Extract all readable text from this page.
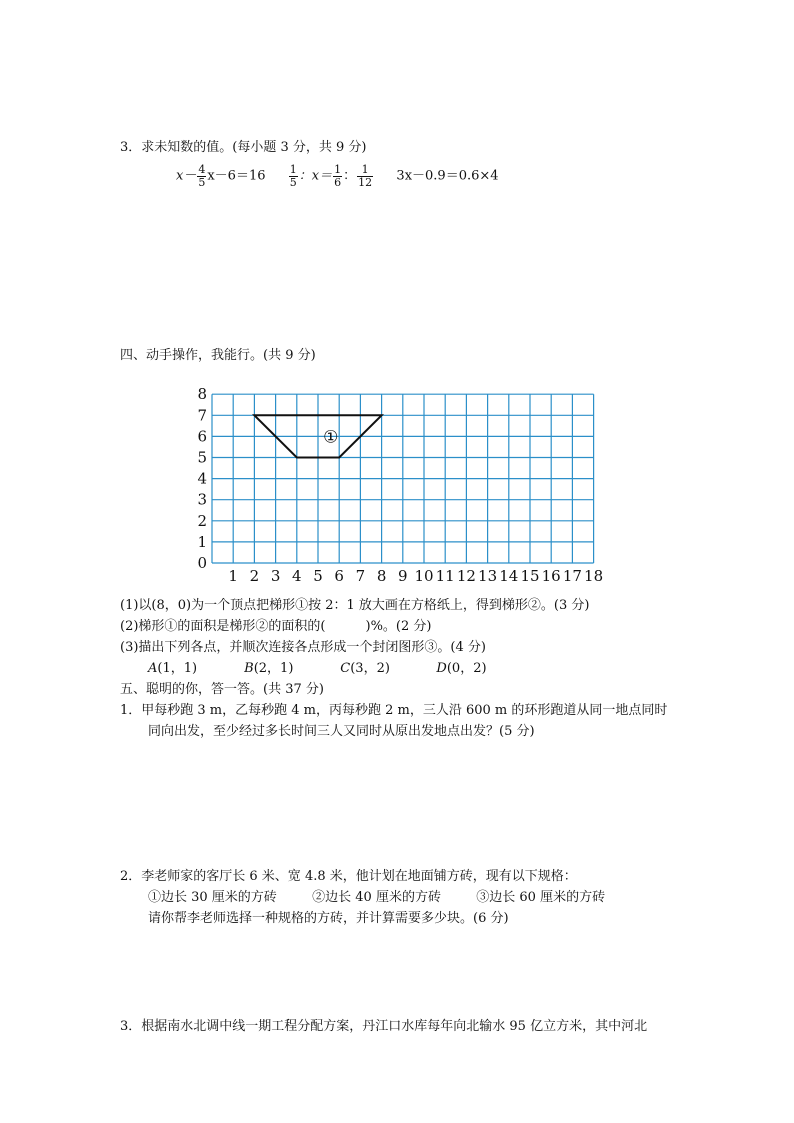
3．求未知数的值。(每小题 3 分，共 9 分)
$x- \frac{4}{5} x-6=16 \frac{1}{5}$ ：$x= \frac{1}{6}$ ： $\frac{1}{12} 3x-0.9=0.6\times 4$
四、动手操作，我能行。(共 9 分)
1 2 3 4 5 6 7 8 9 10 11 12 13 14 15 16 17 18
0
1
2
3
4
5
6
7
8
①
(1)以(8，0)为一个顶点把梯形①按 2：1 放大画在方格纸上，得到梯形②。(3 分)
(2)梯形①的面积是梯形②的面积的(	)%。(2 分)
(3)描出下列各点，并顺次连接各点形成一个封闭图形③。(4 分)
A(1，1)	B(2，1)	C(3，2)	D(0，2)
五、聪明的你，答一答。(共 37 分)
1．甲每秒跑 3 m，乙每秒跑 4 m，丙每秒跑 2 m，三人沿 600 m 的环形跑道从同一地点同时
同向出发，至少经过多长时间三人又同时从原出发地点出发？(5 分)
2．李老师家的客厅长 6 米、宽 4.8 米，他计划在地面铺方砖，现有以下规格：
①边长 30 厘米的方砖	②边长 40 厘米的方砖	③边长 60 厘米的方砖
请你帮李老师选择一种规格的方砖，并计算需要多少块。(6 分)
3．根据南水北调中线一期工程分配方案，丹江口水库每年向北输水 95 亿立方米，其中河北
